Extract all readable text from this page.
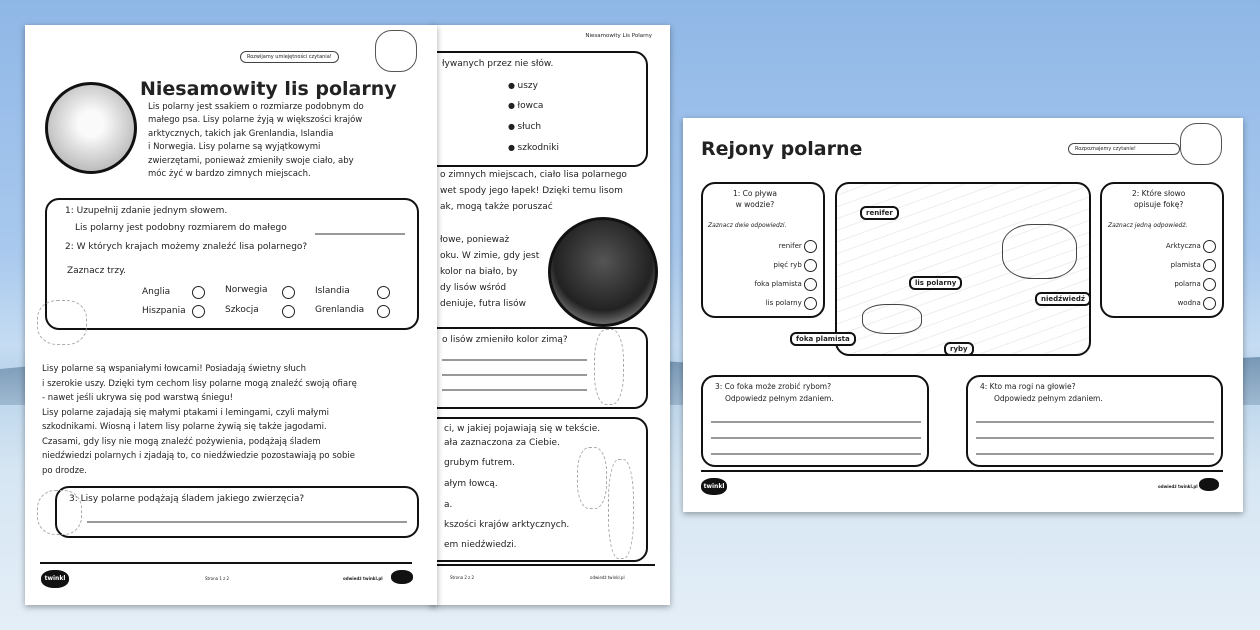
Niesamowity Lis Polarny
ływanych przez nie słów.
● uszy
● łowca
● słuch
● szkodniki
o zimnych miejscach, ciało lisa polarnego
wet spody jego łapek! Dzięki temu lisom
ak, mogą także poruszać
łowe, ponieważ
oku. W zimie, gdy jest
kolor na biało, by
dy lisów wśród
deniuje, futra lisów
o lisów zmieniło kolor zimą?
ci, w jakiej pojawiają się w tekście.
ała zaznaczona za Ciebie.
grubym futrem.
ałym łowcą.
a.
kszości krajów arktycznych.
em niedźwiedzi.
Strona 2 z 2	odwiedź twinkl.pl
Rozwijamy umiejętności czytania!
Niesamowity lis polarny
Lis polarny jest ssakiem o rozmiarze podobnym do
małego psa. Lisy polarne żyją w większości krajów
arktycznych, takich jak Grenlandia, Islandia
i Norwegia. Lisy polarne są wyjątkowymi
zwierzętami, ponieważ zmieniły swoje ciało, aby
móc żyć w bardzo zimnych miejscach.
1: Uzupełnij zdanie jednym słowem.
Lis polarny jest podobny rozmiarem do małego
2: W których krajach możemy znaleźć lisa polarnego?
Zaznacz trzy.
Anglia	Norwegia	Islandia
Hiszpania	Szkocja	Grenlandia
Lisy polarne są wspaniałymi łowcami! Posiadają świetny słuch
i szerokie uszy. Dzięki tym cechom lisy polarne mogą znaleźć swoją ofiarę
- nawet jeśli ukrywa się pod warstwą śniegu!
Lisy polarne zajadają się małymi ptakami i lemingami, czyli małymi
szkodnikami. Wiosną i latem lisy polarne żywią się także jagodami.
Czasami, gdy lisy nie mogą znaleźć pożywienia, podążają śladem
niedźwiedzi polarnych i zjadają to, co niedźwiedzie pozostawiają po sobie
po drodze.
3: Lisy polarne podążają śladem jakiego zwierzęcia?
twinkl	Strona 1 z 2	odwiedź twinkl.pl
Rejony polarne	Rozpoznajemy czytanie!
1: Co pływa
w wodzie?
Zaznacz dwie odpowiedzi.
renifer
pięć ryb
foka plamista
lis polarny
renifer
lis polarny
niedźwiedź
foka plamista
ryby
2: Które słowo
opisuje fokę?
Zaznacz jedną odpowiedź.
Arktyczna
plamista
polarna
wodna
3: Co foka może zrobić rybom?
Odpowiedz pełnym zdaniem.
4: Kto ma rogi na głowie?
Odpowiedz pełnym zdaniem.
twinkl	odwiedź twinkl.pl
